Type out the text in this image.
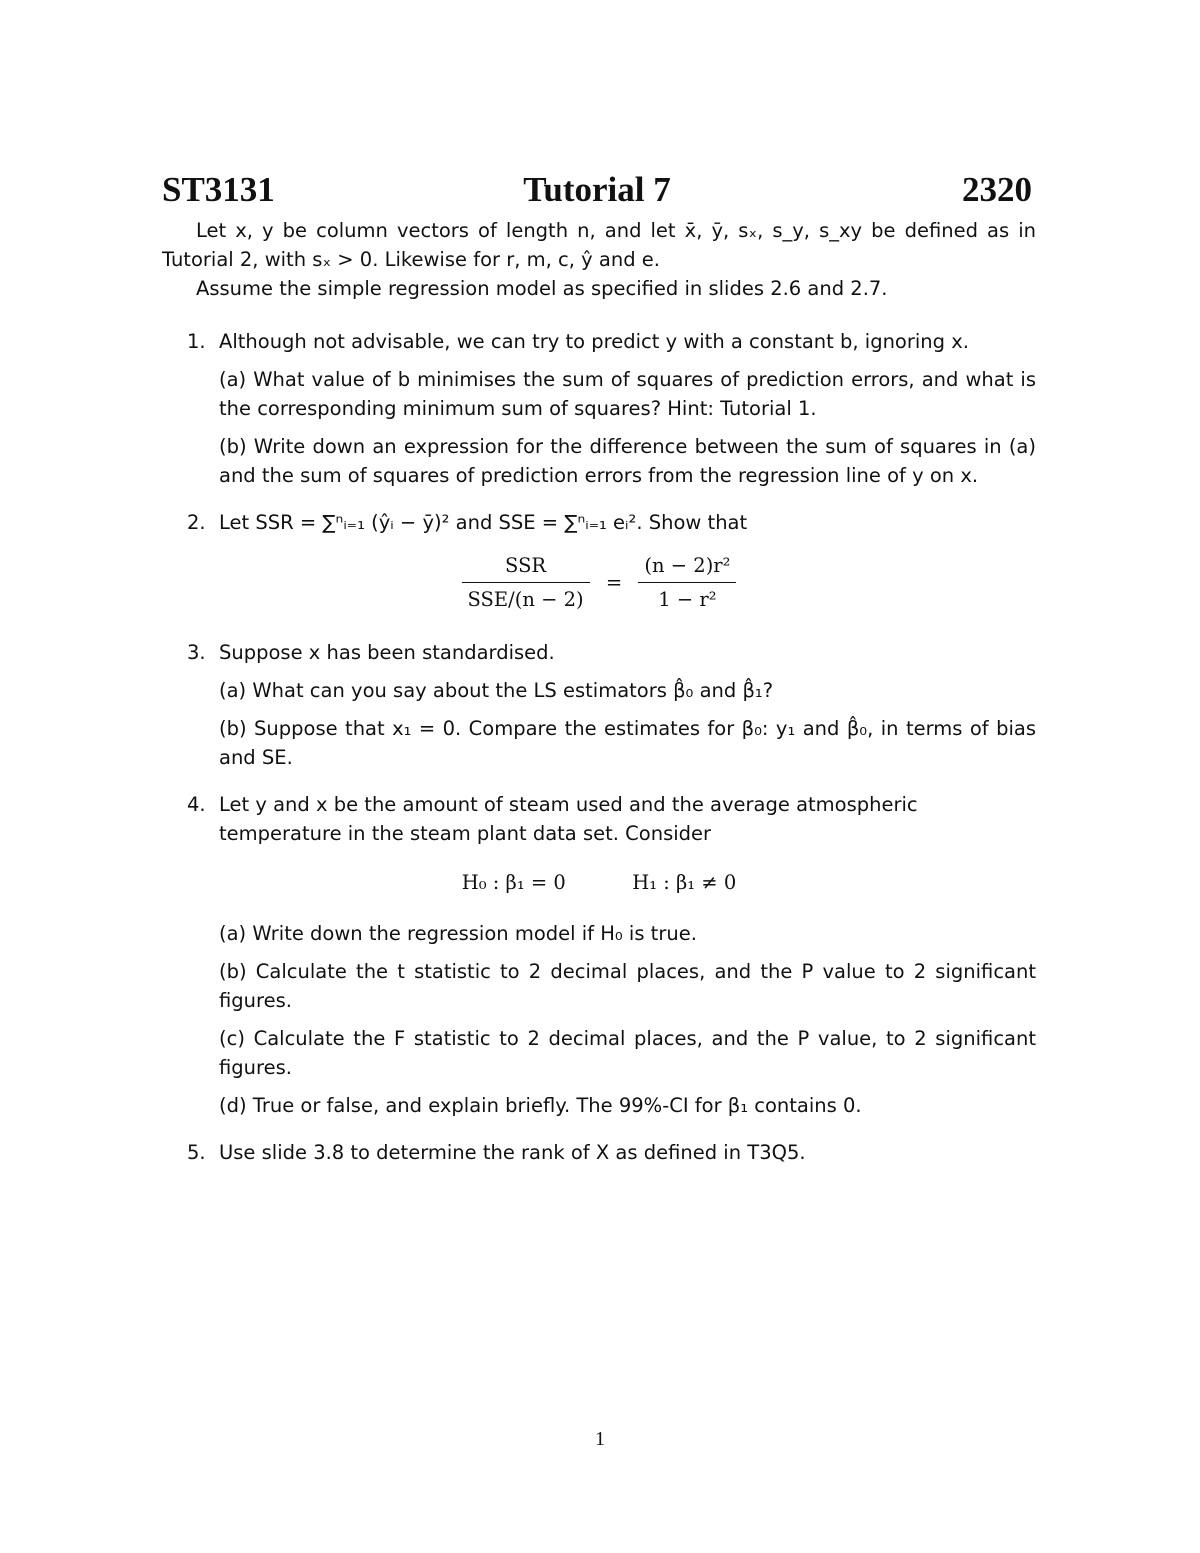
ST3131	Tutorial 7	2320

Let x, y be column vectors of length n, and let x̄, ȳ, sₓ, s_y, s_xy be defined as in Tutorial 2, with sₓ > 0. Likewise for r, m, c, ŷ and e.

Assume the simple regression model as specified in slides 2.6 and 2.7.

1. Although not advisable, we can try to predict y with a constant b, ignoring x.

(a) What value of b minimises the sum of squares of prediction errors, and what is the corresponding minimum sum of squares? Hint: Tutorial 1.

(b) Write down an expression for the difference between the sum of squares in (a) and the sum of squares of prediction errors from the regression line of y on x.

2. Let SSR = ∑ⁿᵢ₌₁ (ŷᵢ − ȳ)² and SSE = ∑ⁿᵢ₌₁ eᵢ². Show that

$\frac{\text{SSR}}{\text{SSE/(n − 2)}} = \frac{\text{(n − 2)r²}}{\text{1 − r²}}$
3. Suppose x has been standardised.

(a) What can you say about the LS estimators β̂₀ and β̂₁?

(b) Suppose that x₁ = 0. Compare the estimates for β₀: y₁ and β̂₀, in terms of bias and SE.

4. Let y and x be the amount of steam used and the average atmospheric temperature in the steam plant data set. Consider

H₀ : β₁ = 0	H₁ : β₁ ≠ 0

(a) Write down the regression model if H₀ is true.

(b) Calculate the t statistic to 2 decimal places, and the P value to 2 significant figures.

(c) Calculate the F statistic to 2 decimal places, and the P value, to 2 significant figures.

(d) True or false, and explain briefly. The 99%-CI for β₁ contains 0.

5. Use slide 3.8 to determine the rank of X as defined in T3Q5.

1
